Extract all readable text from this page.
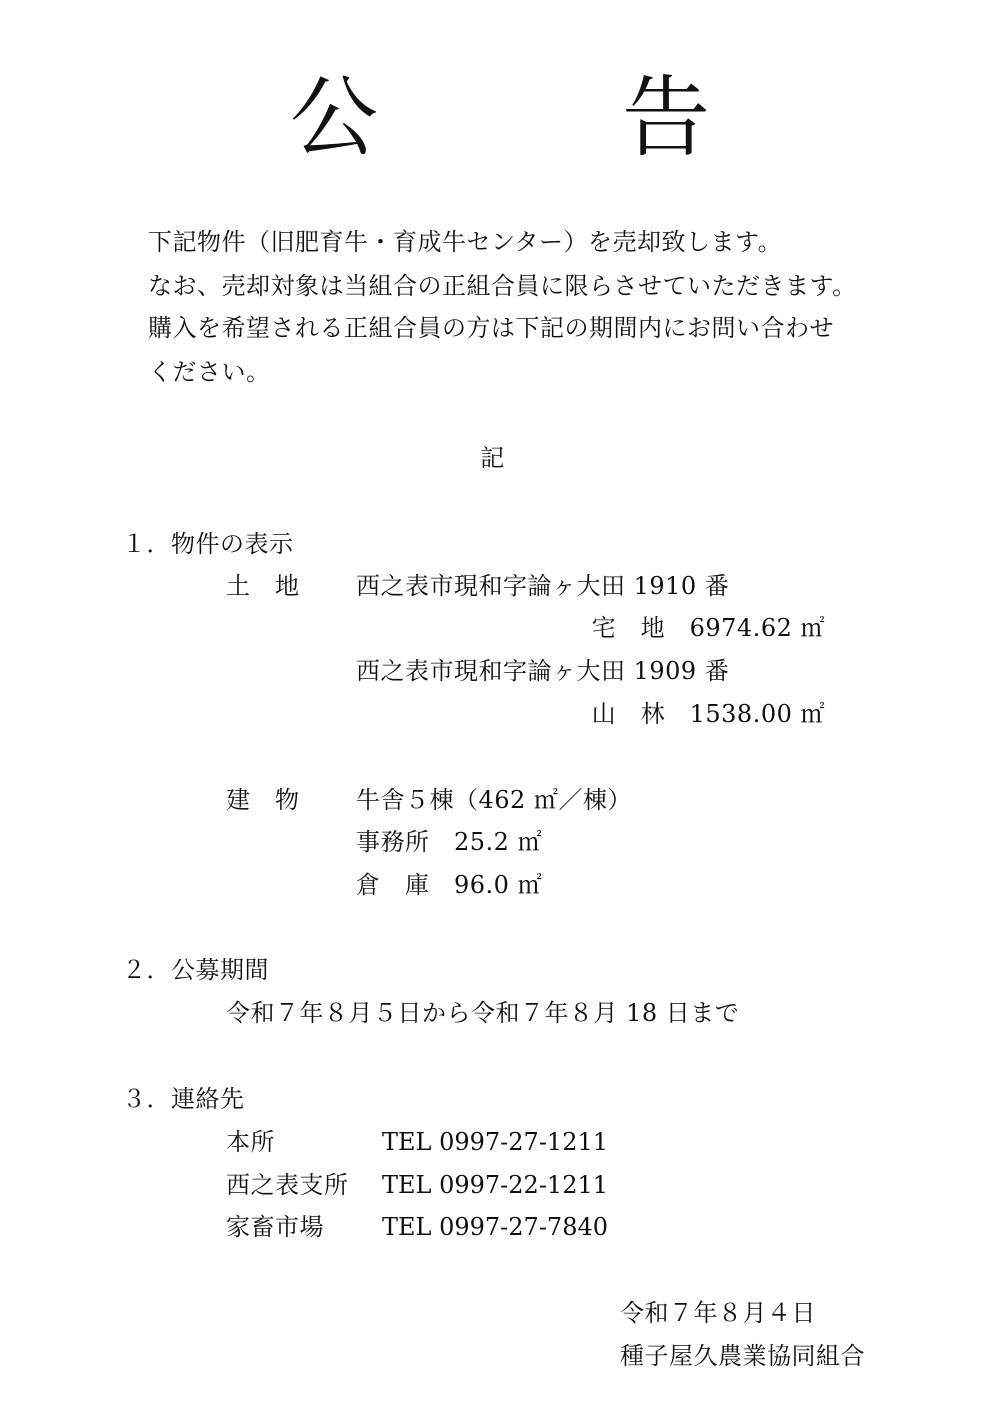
公　告
下記物件（旧肥育牛・育成牛センター）を売却致します。
なお、売却対象は当組合の正組合員に限らさせていただきます。
購入を希望される正組合員の方は下記の期間内にお問い合わせ
ください。
記
１．物件の表示
土　地 西之表市現和字論ヶ大田 1910 番
宅　地　6974.62 ㎡
西之表市現和字論ヶ大田 1909 番
山　林　1538.00 ㎡
建　物 牛舎５棟（462 ㎡／棟）
事務所　25.2 ㎡
倉　庫　96.0 ㎡
２．公募期間
令和７年８月５日から令和７年８月 18 日まで
３．連絡先
本所	TEL 0997-27-1211
西之表支所 TEL 0997-22-1211
家畜市場 TEL 0997-27-7840
令和７年８月４日
種子屋久農業協同組合
